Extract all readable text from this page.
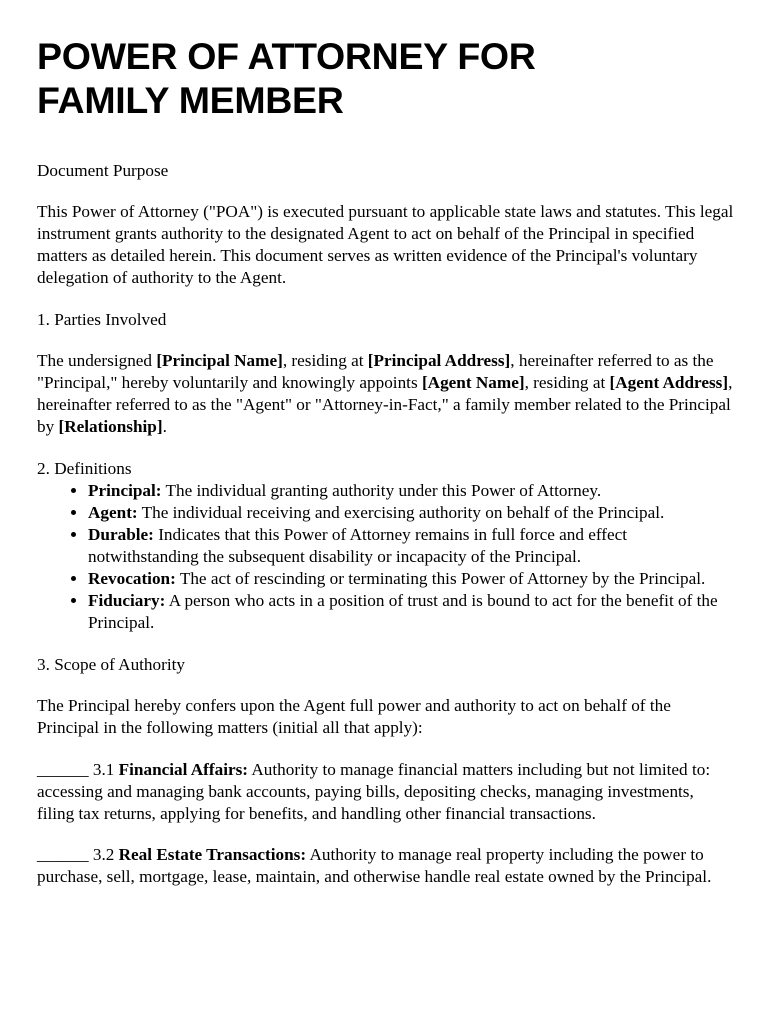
POWER OF ATTORNEY FOR
FAMILY MEMBER

Document Purpose

This Power of Attorney ("POA") is executed pursuant to applicable state laws and statutes. This legal instrument grants authority to the designated Agent to act on behalf of the Principal in specified matters as detailed herein. This document serves as written evidence of the Principal's voluntary delegation of authority to the Agent.

1. Parties Involved

The undersigned [Principal Name], residing at [Principal Address], hereinafter referred to as the "Principal," hereby voluntarily and knowingly appoints [Agent Name], residing at [Agent Address], hereinafter referred to as the "Agent" or "Attorney-in-Fact," a family member related to the Principal by [Relationship].

2. Definitions

• Principal: The individual granting authority under this Power of Attorney.
• Agent: The individual receiving and exercising authority on behalf of the Principal.
• Durable: Indicates that this Power of Attorney remains in full force and effect notwithstanding the subsequent disability or incapacity of the Principal.
• Revocation: The act of rescinding or terminating this Power of Attorney by the Principal.
• Fiduciary: A person who acts in a position of trust and is bound to act for the benefit of the Principal.

3. Scope of Authority

The Principal hereby confers upon the Agent full power and authority to act on behalf of the Principal in the following matters (initial all that apply):

______ 3.1 Financial Affairs: Authority to manage financial matters including but not limited to: accessing and managing bank accounts, paying bills, depositing checks, managing investments, filing tax returns, applying for benefits, and handling other financial transactions.

______ 3.2 Real Estate Transactions: Authority to manage real property including the power to purchase, sell, mortgage, lease, maintain, and otherwise handle real estate owned by the Principal.
